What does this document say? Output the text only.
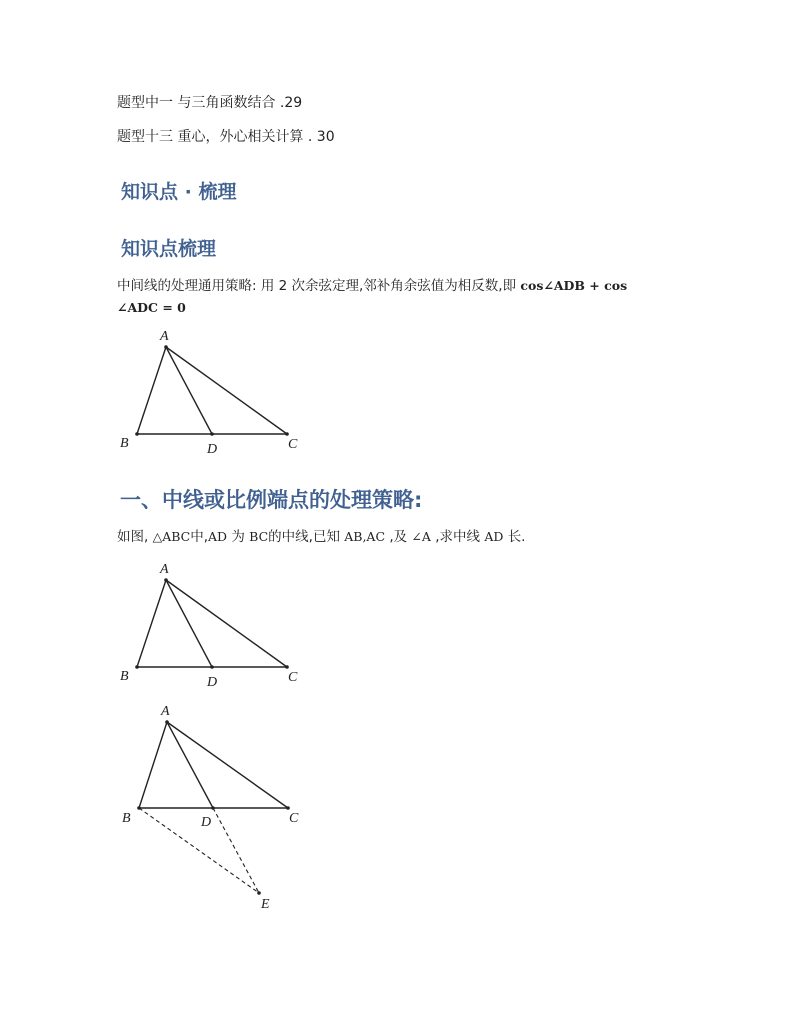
题型中一 与三角函数结合 .29
题型十三 重心，外心相关计算 . 30
知识点 · 梳理
知识点梳理
中间线的处理通用策略: 用 2 次余弦定理,邻补角余弦值为相反数,即 cos∠ADB + cos
∠ADC = 0
A
B	C
D
一、中线或比例端点的处理策略:
如图, △ABC中,AD 为 BC的中线,已知 AB,AC ,及 ∠A ,求中线 AD 长.
A
B	C
D
A
B	C
D
E
